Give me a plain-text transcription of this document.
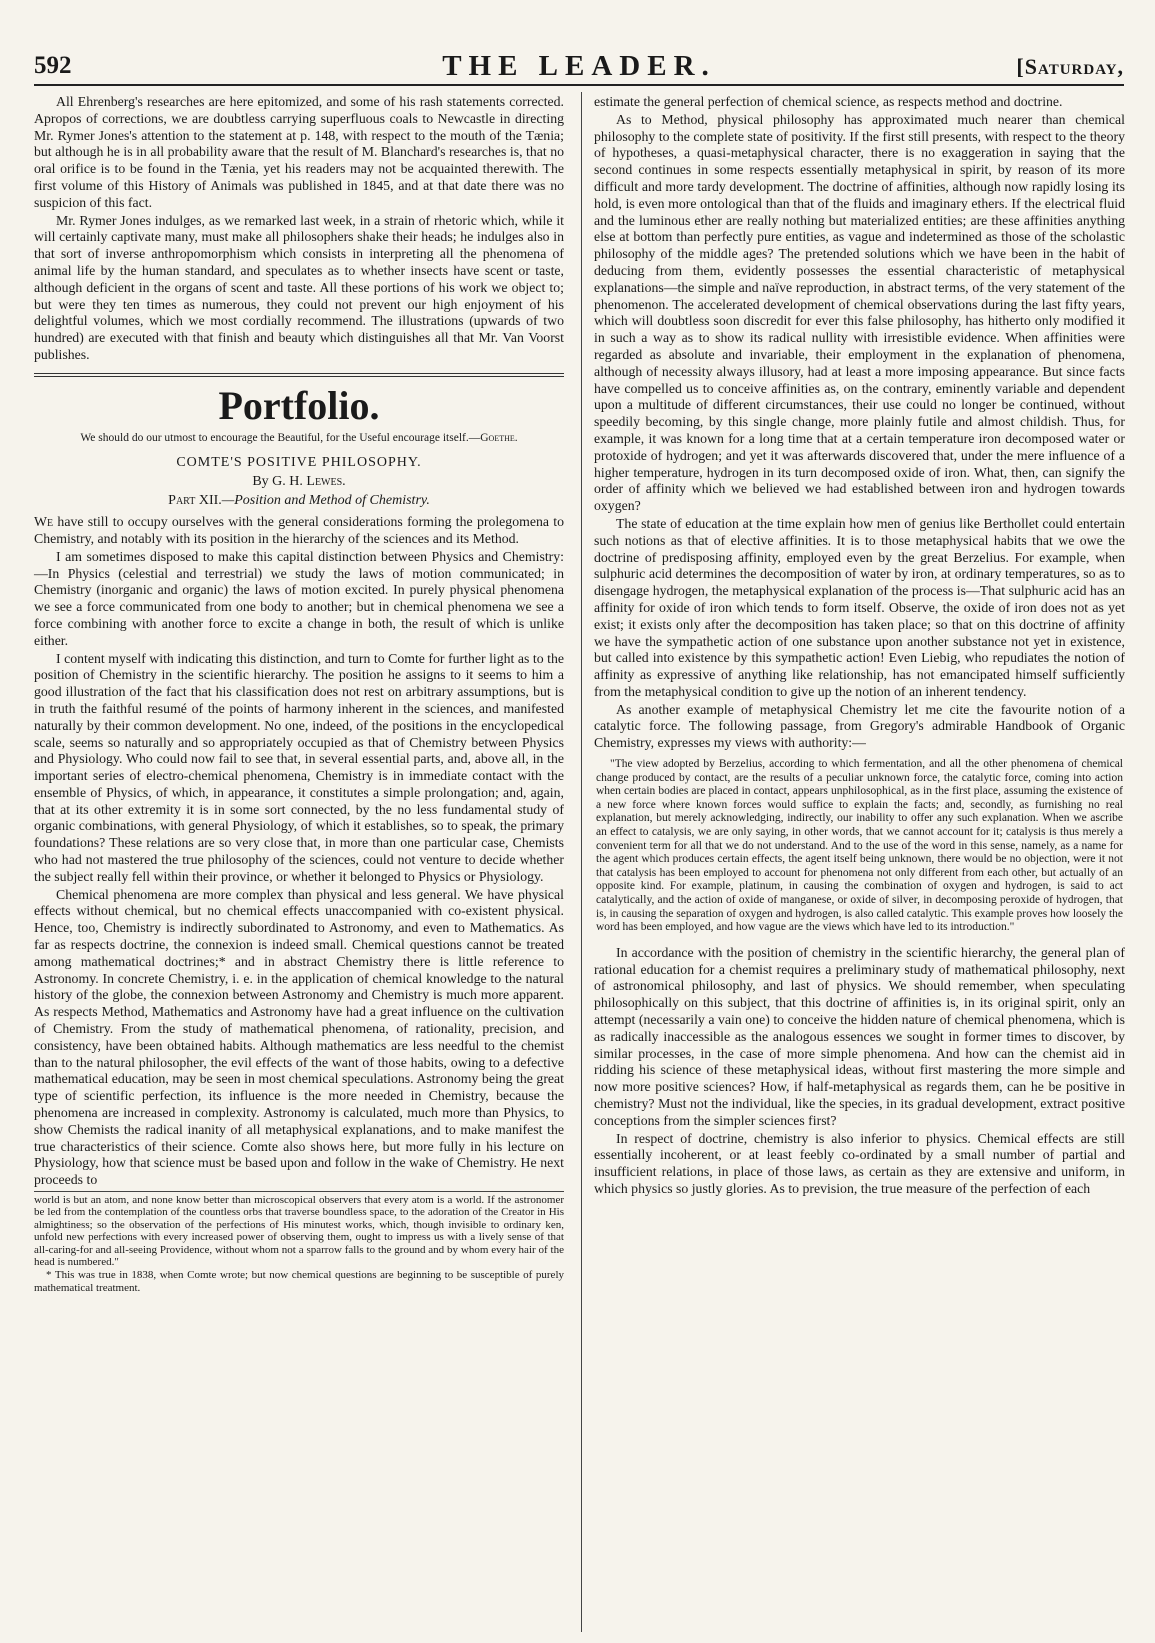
592	THE LEADER.	[Saturday,

All Ehrenberg's researches are here epitomized, and some of his rash statements corrected. Apropos of corrections, we are doubtless carrying superfluous coals to Newcastle in directing Mr. Rymer Jones's attention to the statement at p. 148, with respect to the mouth of the Tænia; but although he is in all probability aware that the result of M. Blanchard's researches is, that no oral orifice is to be found in the Tænia, yet his readers may not be acquainted therewith. The first volume of this History of Animals was published in 1845, and at that date there was no suspicion of this fact.

Mr. Rymer Jones indulges, as we remarked last week, in a strain of rhetoric which, while it will certainly captivate many, must make all philosophers shake their heads; he indulges also in that sort of inverse anthropomorphism which consists in interpreting all the phenomena of animal life by the human standard, and speculates as to whether insects have scent or taste, although deficient in the organs of scent and taste. All these portions of his work we object to; but were they ten times as numerous, they could not prevent our high enjoyment of his delightful volumes, which we most cordially recommend. The illustrations (upwards of two hundred) are executed with that finish and beauty which distinguishes all that Mr. Van Voorst publishes.

Portfolio.
We should do our utmost to encourage the Beautiful, for the Useful encourage itself.—Goethe.
COMTE'S POSITIVE PHILOSOPHY.
By G. H. Lewes.
Part XII.—Position and Method of Chemistry.

We have still to occupy ourselves with the general considerations forming the prolegomena to Chemistry, and notably with its position in the hierarchy of the sciences and its Method.

I am sometimes disposed to make this capital distinction between Physics and Chemistry:—In Physics (celestial and terrestrial) we study the laws of motion communicated; in Chemistry (inorganic and organic) the laws of motion excited. In purely physical phenomena we see a force communicated from one body to another; but in chemical phenomena we see a force combining with another force to excite a change in both, the result of which is unlike either.

I content myself with indicating this distinction, and turn to Comte for further light as to the position of Chemistry in the scientific hierarchy. The position he assigns to it seems to him a good illustration of the fact that his classification does not rest on arbitrary assumptions, but is in truth the faithful resumé of the points of harmony inherent in the sciences, and manifested naturally by their common development. No one, indeed, of the positions in the encyclopedical scale, seems so naturally and so appropriately occupied as that of Chemistry between Physics and Physiology. Who could now fail to see that, in several essential parts, and, above all, in the important series of electro-chemical phenomena, Chemistry is in immediate contact with the ensemble of Physics, of which, in appearance, it constitutes a simple prolongation; and, again, that at its other extremity it is in some sort connected, by the no less fundamental study of organic combinations, with general Physiology, of which it establishes, so to speak, the primary foundations? These relations are so very close that, in more than one particular case, Chemists who had not mastered the true philosophy of the sciences, could not venture to decide whether the subject really fell within their province, or whether it belonged to Physics or Physiology.

Chemical phenomena are more complex than physical and less general. We have physical effects without chemical, but no chemical effects unaccompanied with co-existent physical. Hence, too, Chemistry is indirectly subordinated to Astronomy, and even to Mathematics. As far as respects doctrine, the connexion is indeed small. Chemical questions cannot be treated among mathematical doctrines;* and in abstract Chemistry there is little reference to Astronomy. In concrete Chemistry, i. e. in the application of chemical knowledge to the natural history of the globe, the connexion between Astronomy and Chemistry is much more apparent. As respects Method, Mathematics and Astronomy have had a great influence on the cultivation of Chemistry. From the study of mathematical phenomena, of rationality, precision, and consistency, have been obtained habits. Although mathematics are less needful to the chemist than to the natural philosopher, the evil effects of the want of those habits, owing to a defective mathematical education, may be seen in most chemical speculations. Astronomy being the great type of scientific perfection, its influence is the more needed in Chemistry, because the phenomena are increased in complexity. Astronomy is calculated, much more than Physics, to show Chemists the radical inanity of all metaphysical explanations, and to make manifest the true characteristics of their science. Comte also shows here, but more fully in his lecture on Physiology, how that science must be based upon and follow in the wake of Chemistry. He next proceeds to

world is but an atom, and none know better than microscopical observers that every atom is a world. If the astronomer be led from the contemplation of the countless orbs that traverse boundless space, to the adoration of the Creator in His almightiness; so the observation of the perfections of His minutest works, which, though invisible to ordinary ken, unfold new perfections with every increased power of observing them, ought to impress us with a lively sense of that all-caring-for and all-seeing Providence, without whom not a sparrow falls to the ground and by whom every hair of the head is numbered."

* This was true in 1838, when Comte wrote; but now chemical questions are beginning to be susceptible of purely mathematical treatment.

estimate the general perfection of chemical science, as respects method and doctrine.

As to Method, physical philosophy has approximated much nearer than chemical philosophy to the complete state of positivity. If the first still presents, with respect to the theory of hypotheses, a quasi-metaphysical character, there is no exaggeration in saying that the second continues in some respects essentially metaphysical in spirit, by reason of its more difficult and more tardy development. The doctrine of affinities, although now rapidly losing its hold, is even more ontological than that of the fluids and imaginary ethers. If the electrical fluid and the luminous ether are really nothing but materialized entities; are these affinities anything else at bottom than perfectly pure entities, as vague and indetermined as those of the scholastic philosophy of the middle ages? The pretended solutions which we have been in the habit of deducing from them, evidently possesses the essential characteristic of metaphysical explanations—the simple and naïve reproduction, in abstract terms, of the very statement of the phenomenon. The accelerated development of chemical observations during the last fifty years, which will doubtless soon discredit for ever this false philosophy, has hitherto only modified it in such a way as to show its radical nullity with irresistible evidence. When affinities were regarded as absolute and invariable, their employment in the explanation of phenomena, although of necessity always illusory, had at least a more imposing appearance. But since facts have compelled us to conceive affinities as, on the contrary, eminently variable and dependent upon a multitude of different circumstances, their use could no longer be continued, without speedily becoming, by this single change, more plainly futile and almost childish. Thus, for example, it was known for a long time that at a certain temperature iron decomposed water or protoxide of hydrogen; and yet it was afterwards discovered that, under the mere influence of a higher temperature, hydrogen in its turn decomposed oxide of iron. What, then, can signify the order of affinity which we believed we had established between iron and hydrogen towards oxygen?

The state of education at the time explain how men of genius like Berthollet could entertain such notions as that of elective affinities. It is to those metaphysical habits that we owe the doctrine of predisposing affinity, employed even by the great Berzelius. For example, when sulphuric acid determines the decomposition of water by iron, at ordinary temperatures, so as to disengage hydrogen, the metaphysical explanation of the process is—That sulphuric acid has an affinity for oxide of iron which tends to form itself. Observe, the oxide of iron does not as yet exist; it exists only after the decomposition has taken place; so that on this doctrine of affinity we have the sympathetic action of one substance upon another substance not yet in existence, but called into existence by this sympathetic action! Even Liebig, who repudiates the notion of affinity as expressive of anything like relationship, has not emancipated himself sufficiently from the metaphysical condition to give up the notion of an inherent tendency.

As another example of metaphysical Chemistry let me cite the favourite notion of a catalytic force. The following passage, from Gregory's admirable Handbook of Organic Chemistry, expresses my views with authority:—

"The view adopted by Berzelius, according to which fermentation, and all the other phenomena of chemical change produced by contact, are the results of a peculiar unknown force, the catalytic force, coming into action when certain bodies are placed in contact, appears unphilosophical, as in the first place, assuming the existence of a new force where known forces would suffice to explain the facts; and, secondly, as furnishing no real explanation, but merely acknowledging, indirectly, our inability to offer any such explanation. When we ascribe an effect to catalysis, we are only saying, in other words, that we cannot account for it; catalysis is thus merely a convenient term for all that we do not understand. And to the use of the word in this sense, namely, as a name for the agent which produces certain effects, the agent itself being unknown, there would be no objection, were it not that catalysis has been employed to account for phenomena not only different from each other, but actually of an opposite kind. For example, platinum, in causing the combination of oxygen and hydrogen, is said to act catalytically, and the action of oxide of manganese, or oxide of silver, in decomposing peroxide of hydrogen, that is, in causing the separation of oxygen and hydrogen, is also called catalytic. This example proves how loosely the word has been employed, and how vague are the views which have led to its introduction."

In accordance with the position of chemistry in the scientific hierarchy, the general plan of rational education for a chemist requires a preliminary study of mathematical philosophy, next of astronomical philosophy, and last of physics. We should remember, when speculating philosophically on this subject, that this doctrine of affinities is, in its original spirit, only an attempt (necessarily a vain one) to conceive the hidden nature of chemical phenomena, which is as radically inaccessible as the analogous essences we sought in former times to discover, by similar processes, in the case of more simple phenomena. And how can the chemist aid in ridding his science of these metaphysical ideas, without first mastering the more simple and now more positive sciences? How, if half-metaphysical as regards them, can he be positive in chemistry? Must not the individual, like the species, in its gradual development, extract positive conceptions from the simpler sciences first?

In respect of doctrine, chemistry is also inferior to physics. Chemical effects are still essentially incoherent, or at least feebly co-ordinated by a small number of partial and insufficient relations, in place of those laws, as certain as they are extensive and uniform, in which physics so justly glories. As to prevision, the true measure of the perfection of each
